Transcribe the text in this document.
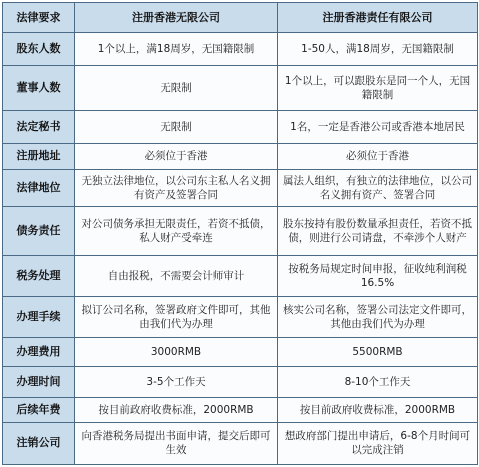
法律要求	注册香港无限公司	注册香港责任有限公司
股东人数	1个以上，满18周岁，无国籍限制	1-50人，满18周岁，无国籍限制
董事人数	无限制	1个以上，可以跟股东是同一个人，无国籍限制
法定秘书	无限制	1名，一定是香港公司或香港本地居民
注册地址	必须位于香港	必须位于香港
法律地位	无独立法律地位，以公司东主私人名义拥有资产及签署合同	属法人组织，有独立的法律地位，以公司名义拥有资产、签署合同
债务责任	对公司债务承担无限责任，若资不抵债，私人财产受牵连	股东按持有股份数量承担责任，若资不抵债，则进行公司请盘，不牵涉个人财产
税务处理	自由报税，不需要会计师审计	按税务局规定时间申报，征收纯利润税16.5%
办理手续	拟订公司名称，签署政府文件即可，其他由我们代为办理	核实公司名称，签署公司法定文件即可，其他由我们代为办理
办理费用	3000RMB	5500RMB
办理时间	3-5个工作天	8-10个工作天
后续年费	按目前政府收费标准，2000RMB	按目前政府收费标准，2000RMB
注销公司	向香港税务局提出书面申请，提交后即可生效	想政府部门提出申请后，6-8个月时间可以完成注销
